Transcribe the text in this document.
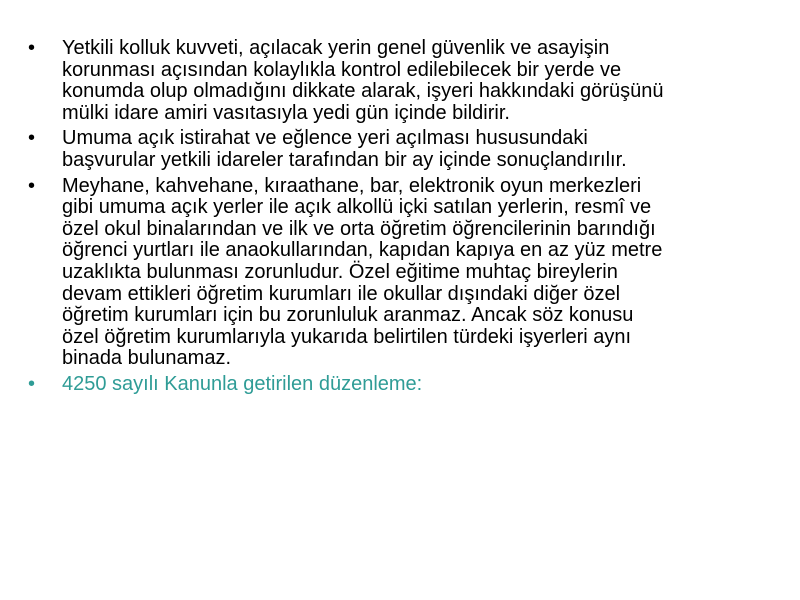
• Yetkili kolluk kuvveti, açılacak yerin genel güvenlik ve asayişin korunması açısından kolaylıkla kontrol edilebilecek bir yerde ve konumda olup olmadığını dikkate alarak, işyeri hakkındaki görüşünü mülki idare amiri vasıtasıyla yedi gün içinde bildirir.
• Umuma açık istirahat ve eğlence yeri açılması hususundaki başvurular yetkili idareler tarafından bir ay içinde sonuçlandırılır.
• Meyhane, kahvehane, kıraathane, bar, elektronik oyun merkezleri gibi umuma açık yerler ile açık alkollü içki satılan yerlerin, resmî ve özel okul binalarından ve ilk ve orta öğretim öğrencilerinin barındığı öğrenci yurtları ile anaokullarından, kapıdan kapıya en az yüz metre uzaklıkta bulunması zorunludur. Özel eğitime muhtaç bireylerin devam ettikleri öğretim kurumları ile okullar dışındaki diğer özel öğretim kurumları için bu zorunluluk aranmaz. Ancak söz konusu özel öğretim kurumlarıyla yukarıda belirtilen türdeki işyerleri aynı binada bulunamaz.
• 4250 sayılı Kanunla getirilen düzenleme:
